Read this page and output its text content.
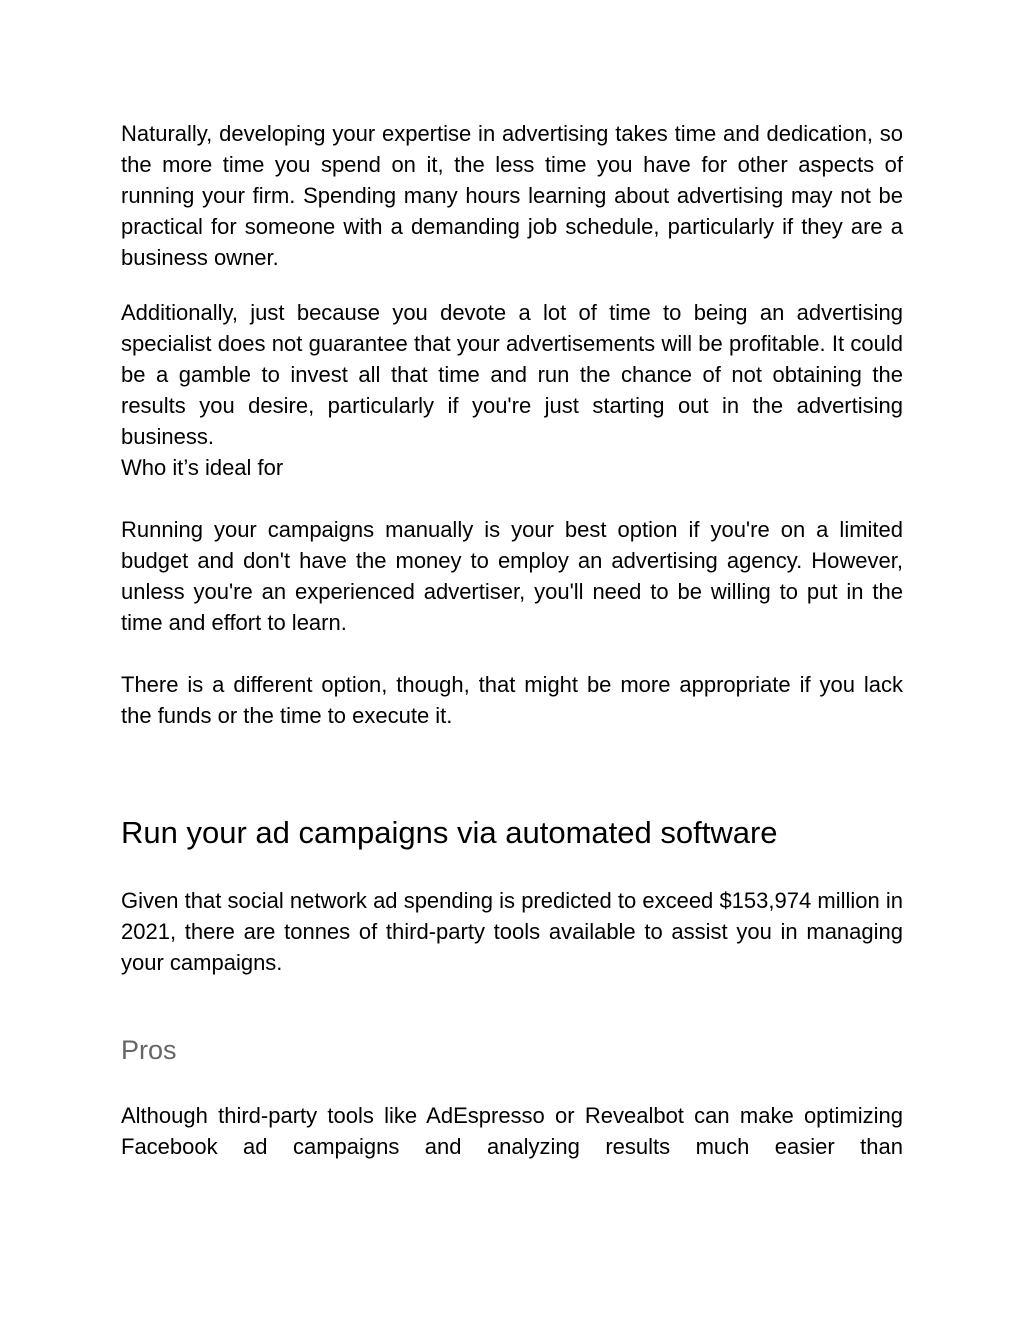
Naturally, developing your expertise in advertising takes time and dedication, so the more time you spend on it, the less time you have for other aspects of running your firm. Spending many hours learning about advertising may not be practical for someone with a demanding job schedule, particularly if they are a business owner.

Additionally, just because you devote a lot of time to being an advertising specialist does not guarantee that your advertisements will be profitable. It could be a gamble to invest all that time and run the chance of not obtaining the results you desire, particularly if you're just starting out in the advertising business.

Who it’s ideal for

Running your campaigns manually is your best option if you're on a limited budget and don't have the money to employ an advertising agency. However, unless you're an experienced advertiser, you'll need to be willing to put in the time and effort to learn.

There is a different option, though, that might be more appropriate if you lack the funds or the time to execute it.

Run your ad campaigns via automated software

Given that social network ad spending is predicted to exceed $153,974 million in 2021, there are tonnes of third-party tools available to assist you in managing your campaigns.

Pros

Although third-party tools like AdEspresso or Revealbot can make optimizing Facebook ad campaigns and analyzing results much easier than
